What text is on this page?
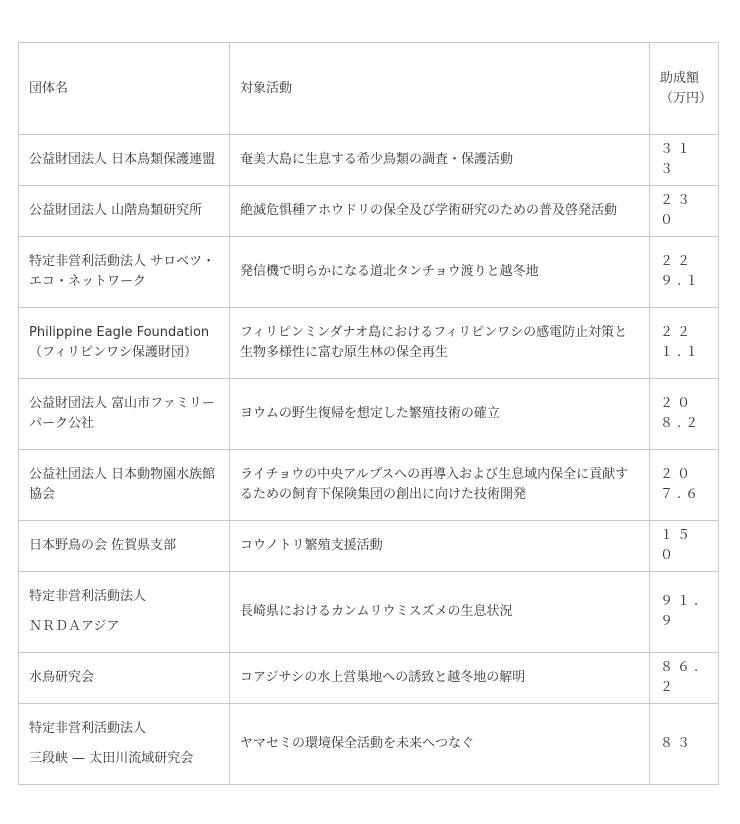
団体名	対象活動	助成額（万円）

公益財団法人 日本鳥類保護連盟	奄美大島に生息する希少鳥類の調査・保護活動	３１３

公益財団法人 山階鳥類研究所	絶滅危惧種アホウドリの保全及び学術研究のための普及啓発活動	２３０

特定非営利活動法人 サロベツ・エコ・ネットワーク	発信機で明らかになる道北タンチョウ渡りと越冬地	２２９.１

Philippine Eagle Foundation（フィリピンワシ保護財団）	フィリピンミンダナオ島におけるフィリピンワシの感電防止対策と生物多様性に富む原生林の保全再生	２２１.１

公益財団法人 富山市ファミリーパーク公社	ヨウムの野生復帰を想定した繁殖技術の確立	２０８.２

公益社団法人 日本動物園水族館協会	ライチョウの中央アルプスへの再導入および生息域内保全に貢献するための飼育下保険集団の創出に向けた技術開発	２０７.６

日本野鳥の会 佐賀県支部	コウノトリ繁殖支援活動	１５０

特定非営利活動法人
ＮＲＤＡアジア	長崎県におけるカンムリウミスズメの生息状況	９１.９

水鳥研究会	コアジサシの水上営巣地への誘致と越冬地の解明	８６.２

特定非営利活動法人
三段峡 — 太田川流域研究会	ヤマセミの環境保全活動を未来へつなぐ	８３
